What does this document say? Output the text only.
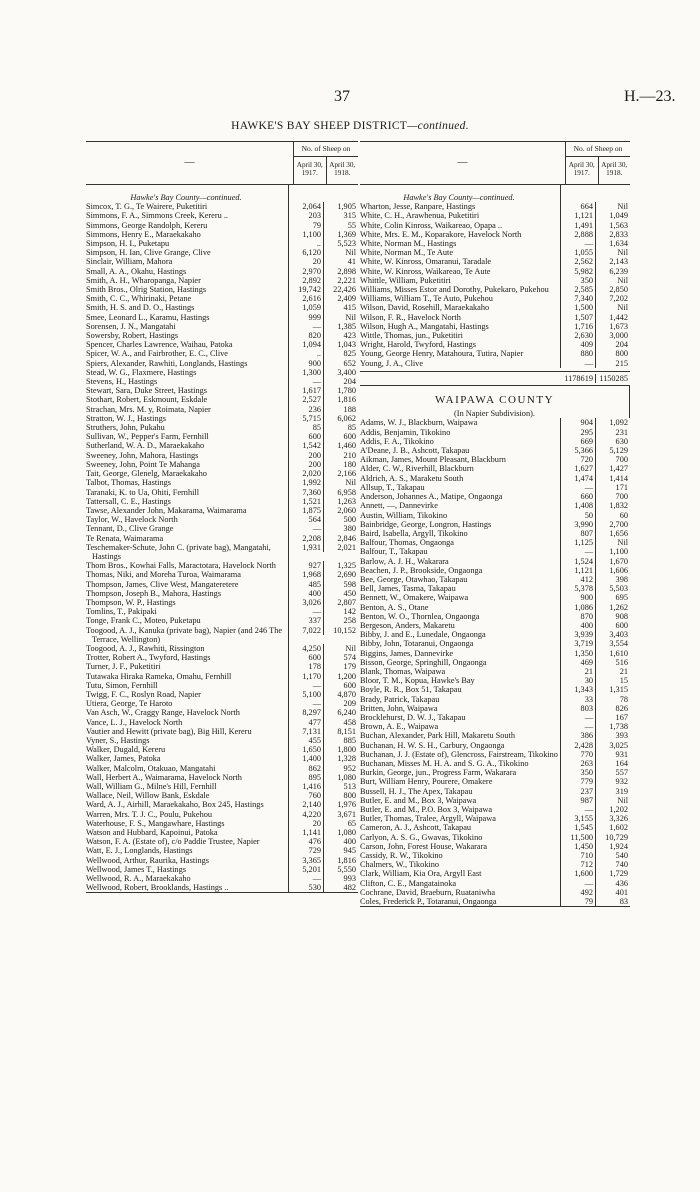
37	H.—23.
HAWKE'S BAY SHEEP DISTRICT—continued.
—
No. of Sheep on
April 30, 1917.
April 30, 1918.
Hawke's Bay County—continued.
Simcox, T. G., Te Wairere, Puketitiri	2,064	1,905
Simmons, F. A., Simmons Creek, Kereru ..	203	315
Simmons, George Randolph, Kereru	79	55
Simmons, Henry E., Maraekakaho	1,100	1,369
Simpson, H. I., Puketapu	..	5,523
Simpson, H. Ian, Clive Grange, Clive	6,120	Nil
Sinclair, William, Mahora	20	41
Small, A. A., Okahu, Hastings	2,970	2,898
Smith, A. H., Wharopanga, Napier	2,892	2,221
Smith Bros., Olrig Station, Hastings	19,742	22,426
Smith, C. C., Whirinaki, Petane	2,616	2,409
Smith, H. S. and D. O., Hastings	1,059	415
Smee, Leonard L., Karamu, Hastings	999	Nil
Sorensen, J. N., Mangatahi	—	1,385
Sowersby, Robert, Hastings	820	423
Spencer, Charles Lawrence, Waihau, Patoka	1,094	1,043
Spicer, W. A., and Fairbrother, E. C., Clive	..	825
Spiers, Alexander, Rawhiti, Longlands, Hastings	900	652
Stead, W. G., Flaxmere, Hastings	1,300	3,400
Stevens, H., Hastings	—	204
Stewart, Sara, Duke Street, Hastings	1,617	1,780
Stothart, Robert, Eskmount, Eskdale	2,527	1,816
Strachan, Mrs. M. y, Roimata, Napier	236	188
Stratton, W. J., Hastings	5,715	6,062
Struthers, John, Pukahu	85	85
Sullivan, W., Pepper's Farm, Fernhill	600	600
Sutherland, W. A. D., Maraekakaho	1,542	1,460
Sweeney, John, Mahora, Hastings	200	210
Sweeney, John, Point Te Mahanga	200	180
Tait, George, Glenelg, Maraekakaho	2,020	2,166
Talbot, Thomas, Hastings	1,992	Nil
Taranaki, K. to Ua, Ohiti, Fernhill	7,360	6,958
Tattersall, C. E., Hastings	1,521	1,263
Tawse, Alexander John, Makarama, Waimarama	1,875	2,060
Taylor, W., Havelock North	564	500
Tennant, D., Clive Grange	—	380
Te Renata, Waimarama	2,208	2,846
Teschemaker-Schute, John C. (private bag), Mangatahi, Hastings
1,931	2,021
Thom Bros., Kowhai Falls, Maractotara, Havelock North	927	1,325
Thomas, Niki, and Moreha Turoa, Waimarama	1,968	2,690
Thompson, James, Clive West, Mangateretere	485	598
Thompson, Joseph B., Mahora, Hastings	400	450
Thompson, W. P., Hastings	3,026	2,807
Tomlins, T., Pakipaki	—	142
Tonge, Frank C., Moteo, Puketapu	337	258
Toogood, A. J., Kanuka (private bag), Napier (and 246 The Terrace, Wellington)
7,022	10,152
Toogood, A. J., Rawhiti, Rissington	4,250	Nil
Trotter, Robert A., Twyford, Hastings	600	574
Turner, J. F., Puketitiri	178	179
Tutawaka Hiraka Rameka, Omahu, Fernhill	1,170	1,200
Tutu, Simon, Fernhill	—	600
Twigg, F. C., Roslyn Road, Napier	5,100	4,870
Utiera, George, Te Haroto	—	209
Van Asch, W., Craggy Range, Havelock North	8,297	6,240
Vance, L. J., Havelock North	477	458
Vautier and Hewitt (private bag), Big Hill, Kereru	7,131	8,151
Vyner, S., Hastings	455	885
Walker, Dugald, Kereru	1,650	1,800
Walker, James, Patoka	1,400	1,328
Walker, Malcolm, Otakuao, Mangatahi	862	952
Wall, Herbert A., Waimarama, Havelock North	895	1,080
Wall, William G., Milne's Hill, Fernhill	1,416	513
Wallace, Neil, Willow Bank, Eskdale	760	800
Ward, A. J., Airhill, Maraekakaho, Box 245, Hastings	2,140	1,976
Warren, Mrs. T. J. C., Poulu, Pukehou	4,220	3,671
Waterhouse, F. S., Mangawhare, Hastings	20	65
Watson and Hubbard, Kapoinui, Patoka	1,141	1,080
Watson, F. A. (Estate of), c/o Paddie Trustee, Napier	476	400
Watt, E. J., Longlands, Hastings	729	945
Wellwood, Arthur, Raurika, Hastings	3,365	1,816
Wellwood, James T., Hastings	5,201	5,550
Wellwood, R. A., Maraekakaho	—	993
Wellwood, Robert, Brooklands, Hastings ..	530	482
—
No. of Sheep on
April 30, 1917.
April 30, 1918.
Hawke's Bay County—continued.
Wharton, Jesse, Ranpare, Hastings	664	Nil
White, C. H., Arawhenua, Puketitiri	1,121	1,049
White, Colin Kinross, Waikareao, Opapa ..	1,491	1,563
White, Mrs. E. M., Koparakore, Havelock North	2,888	2,833
White, Norman M., Hastings	—	1,634
White, Norman M., Te Aute	1,055	Nil
White, W. Kinross, Omaranui, Taradale	2,562	2,143
White, W. Kinross, Waikareao, Te Aute	5,982	6,239
Whittle, William, Puketitiri	350	Nil
Williams, Misses Estor and Dorothy, Pukekaro, Pukehou	2,585	2,850
Williams, William T., Te Auto, Pukehou	7,340	7,202
Wilson, David, Rosehill, Maraekakaho	1,500	Nil
Wilson, F. R., Havelock North	1,507	1,442
Wilson, Hugh A., Mangatahi, Hastings	1,716	1,673
Wittle, Thomas, jun., Puketitiri	2,630	3,000
Wright, Harold, Twyford, Hastings	409	204
Young, George Henry, Matahoura, Tutira, Napier	880	800
Young, J. A., Clive	—	215
1178619 1150285
WAIPAWA COUNTY
(In Napier Subdivision).
Adams, W. J., Blackburn, Waipawa	904	1,092
Addis, Benjamin, Tikokino	295	231
Addis, F. A., Tikokino	669	630
A'Deane, J. B., Ashcott, Takapau	5,366	5,129
Aikman, James, Mount Pleasant, Blackburn	720	700
Alder, C. W., Riverhill, Blackburn	1,627	1,427
Aldrich, A. S., Maraketu South	1,474	1,414
Allsup, T., Takapau	—	171
Anderson, Johannes A., Matipe, Ongaonga	660	700
Annett, —, Dannevirke	1,408	1,832
Austin, William, Tikokino	50	60
Bainbridge, George, Longron, Hastings	3,990	2,700
Baird, Isabella, Argyll, Tikokino	807	1,656
Balfour, Thomas, Ongaonga	1,125	Nil
Balfour, T., Takapau	—	1,100
Barlow, A. J. H., Wakarara	1,524	1,670
Beachen, J. P., Brookside, Ongaonga	1,121	1,606
Bee, George, Otawhao, Takapau	412	398
Bell, James, Tasma, Takapau	5,378	5,503
Bennett, W., Omakere, Waipawa	900	695
Benton, A. S., Otane	1,086	1,262
Benton, W. O., Thornlea, Ongaonga	870	908
Bergeson, Anders, Makaretu	400	600
Bibby, J. and E., Lunedale, Ongaonga	3,939	3,403
Bibby, John, Totaranui, Ongaonga	3,719	3,554
Biggins, James, Dannevirke	1,350	1,610
Bisson, George, Springhill, Ongaonga	469	516
Blank, Thomas, Waipawa	21	21
Bloor, T. M., Kopua, Hawke's Bay	30	15
Boyle, R. R., Box 51, Takapau	1,343	1,315
Brady, Patrick, Takapau	33	78
Britten, John, Waipawa	803	826
Brocklehurst, D. W. J., Takapau	—	167
Brown, A. E., Waipawa	—	1,738
Buchan, Alexander, Park Hill, Makaretu South	386	393
Buchanan, H. W. S. H., Carbury, Ongaonga	2,428	3,025
Buchanan, J. J. (Estate of), Glencross, Fairstream, Tikokino	770	931
Buchanan, Misses M. H. A. and S. G. A., Tikokino	263	164
Burkin, George, jun., Progress Farm, Wakarara	350	557
Burt, William Henry, Pourere, Omakere	779	932
Bussell, H. J., The Apex, Takapau	237	319
Butler, E. and M., Box 3, Waipawa	987	Nil
Butler, E. and M., P.O. Box 3, Waipawa	—	1,202
Butler, Thomas, Tralee, Argyll, Waipawa	3,155	3,326
Cameron, A. J., Ashcott, Takapau	1,545	1,602
Carlyon, A. S. G., Gwavas, Tikokino	11,500	10,729
Carson, John, Forest House, Wakarara	1,450	1,924
Cassidy, R. W., Tikokino	710	540
Chalmers, W., Tikokino	712	740
Clark, William, Kia Ora, Argyll East	1,600	1,729
Clifton, C. E., Mangatainoka	—	436
Cochrane, David, Braeburn, Ruataniwha	492	401
Coles, Frederick P., Totaranui, Ongaonga	79	83
